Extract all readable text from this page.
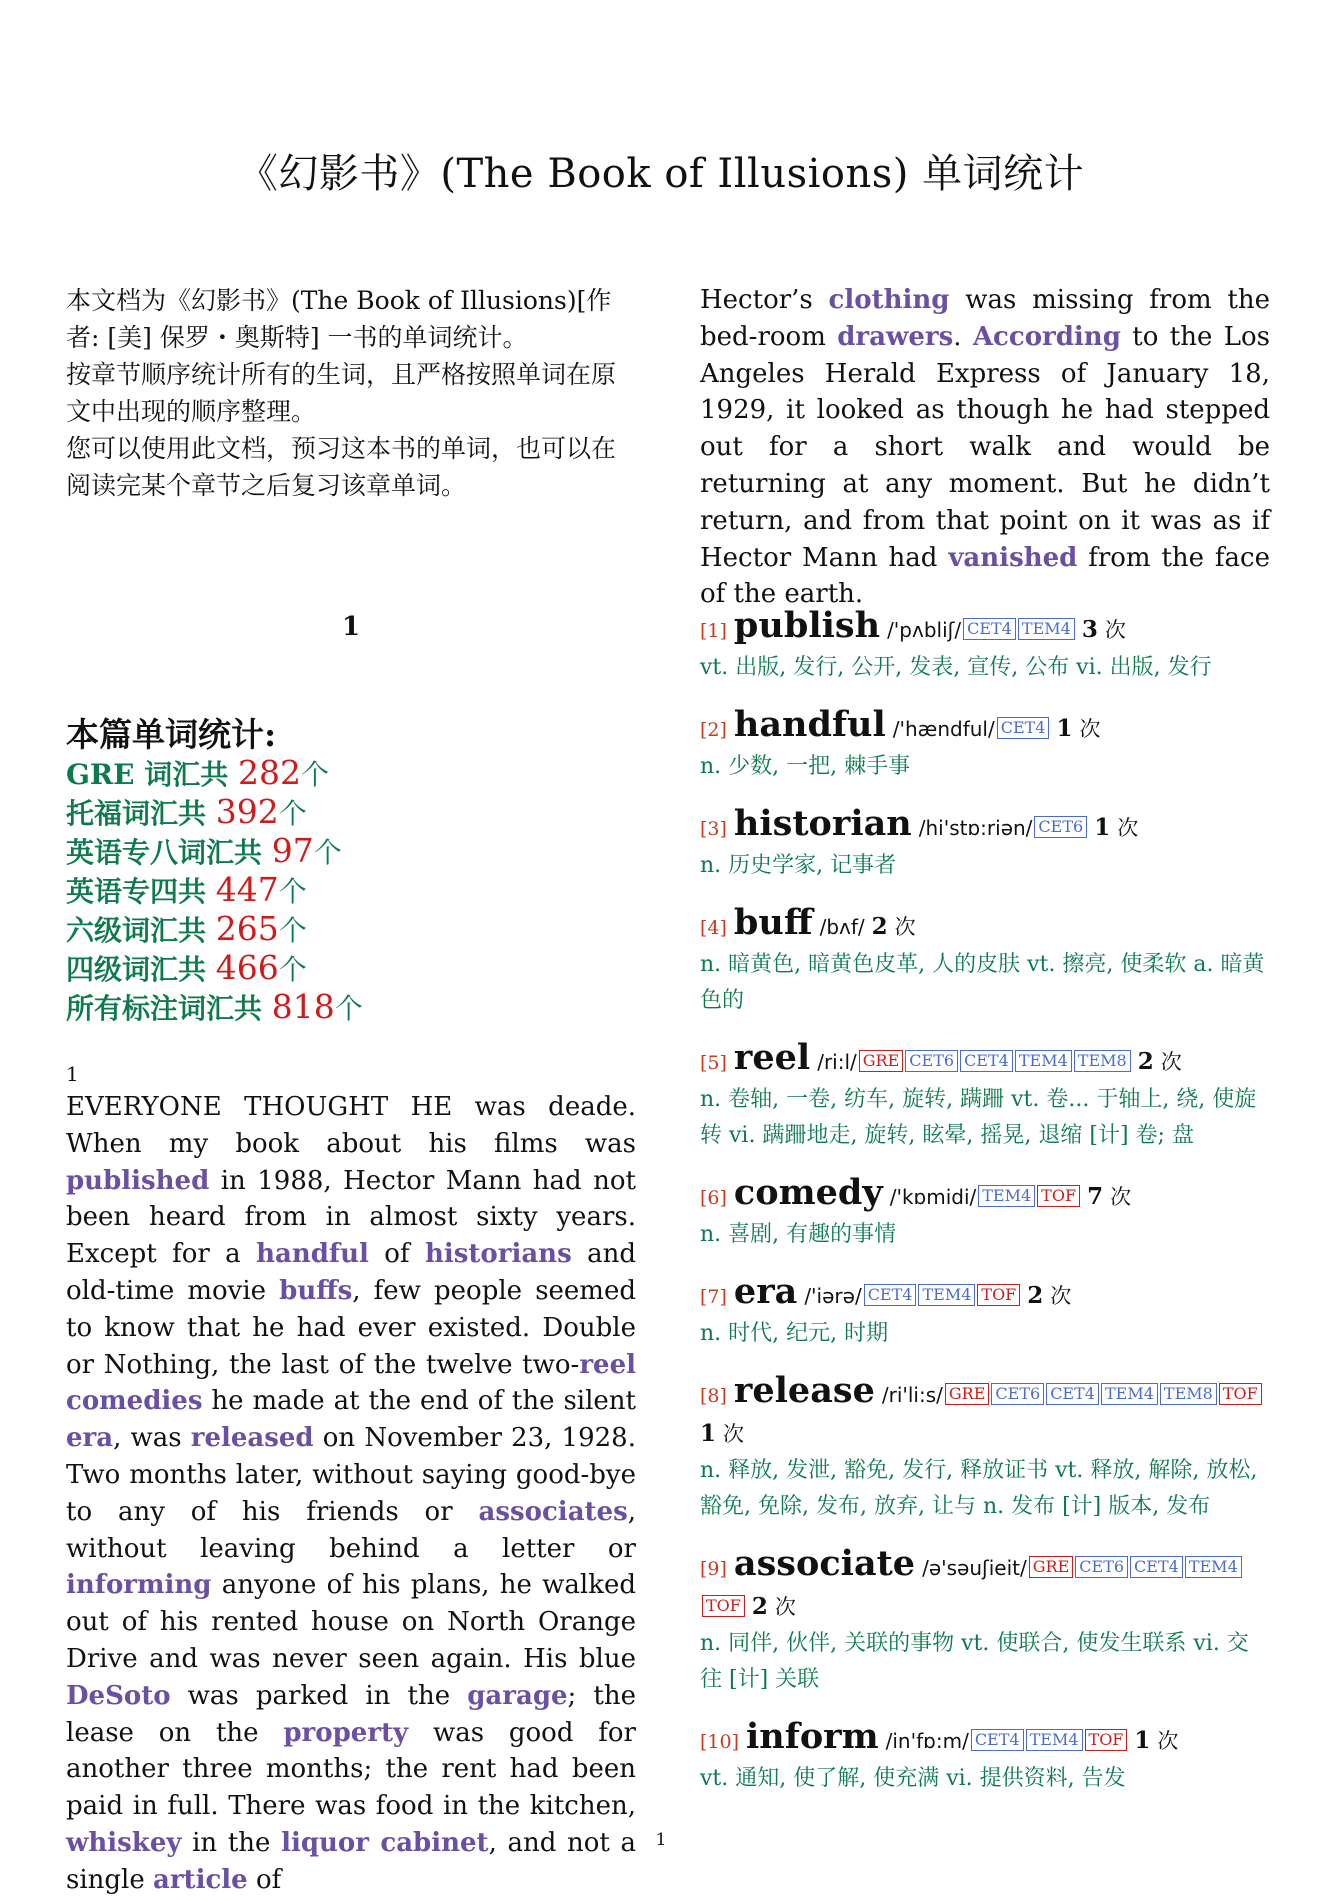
《幻影书》(The Book of Illusions) 单词统计

本文档为《幻影书》(The Book of Illusions)[作者: [美] 保罗・奥斯特] 一书的单词统计。

按章节顺序统计所有的生词，且严格按照单词在原文中出现的顺序整理。

您可以使用此文档，预习这本书的单词，也可以在阅读完某个章节之后复习该章单词。

1
本篇单词统计:
GRE 词汇共 282个
托福词汇共 392个
英语专八词汇共 97个
英语专四共 447个
六级词汇共 265个
四级词汇共 466个
所有标注词汇共 818个
1
EVERYONE THOUGHT HE was deade. When my book about his films was published in 1988, Hector Mann had not been heard from in almost sixty years. Except for a handful of historians and old-time movie buffs, few people seemed to know that he had ever existed. Double or Nothing, the last of the twelve two-reel comedies he made at the end of the silent era, was released on November 23, 1928. Two months later, without saying good-bye to any of his friends or associates, without leaving behind a letter or informing anyone of his plans, he walked out of his rented house on North Orange Drive and was never seen again. His blue DeSoto was parked in the garage; the lease on the property was good for another three months; the rent had been paid in full. There was food in the kitchen, whiskey in the liquor cabinet, and not a single article of

Hector’s clothing was missing from the bed-room drawers. According to the Los Angeles Herald Express of January 18, 1929, it looked as though he had stepped out for a short walk and would be returning at any moment. But he didn’t return, and from that point on it was as if Hector Mann had vanished from the face of the earth.

[1] publish /'pʌbliʃ/ CET4 TEM4 3 次
vt. 出版, 发行, 公开, 发表, 宣传, 公布 vi. 出版, 发行
[2] handful /'hændful/ CET4 1 次
n. 少数, 一把, 棘手事
[3] historian /hi'stɒ:riən/ CET6 1 次
n. 历史学家, 记事者
[4] buff /bʌf/ 2 次
n. 暗黄色, 暗黄色皮革, 人的皮肤 vt. 擦亮, 使柔软 a. 暗黄色的
[5] reel /ri:l/ GRE CET6 CET4 TEM4 TEM8 2 次
n. 卷轴, 一卷, 纺车, 旋转, 蹒跚 vt. 卷... 于轴上, 绕, 使旋转 vi. 蹒跚地走, 旋转, 眩晕, 摇晃, 退缩 [计] 卷; 盘
[6] comedy /'kɒmidi/ TEM4 TOF 7 次
n. 喜剧, 有趣的事情
[7] era /'iərə/ CET4 TEM4 TOF 2 次
n. 时代, 纪元, 时期
[8] release /ri'li:s/ GRE CET6 CET4 TEM4 TEM8 TOF 1 次
n. 释放, 发泄, 豁免, 发行, 释放证书 vt. 释放, 解除, 放松, 豁免, 免除, 发布, 放弃, 让与 n. 发布 [计] 版本, 发布
[9] associate /ə'səuʃieit/ GRE CET6 CET4 TEM4TOF 2 次
n. 同伴, 伙伴, 关联的事物 vt. 使联合, 使发生联系 vi. 交往 [计] 关联
[10] inform /in'fɒ:m/ CET4 TEM4 TOF 1 次
vt. 通知, 使了解, 使充满 vi. 提供资料, 告发
1
